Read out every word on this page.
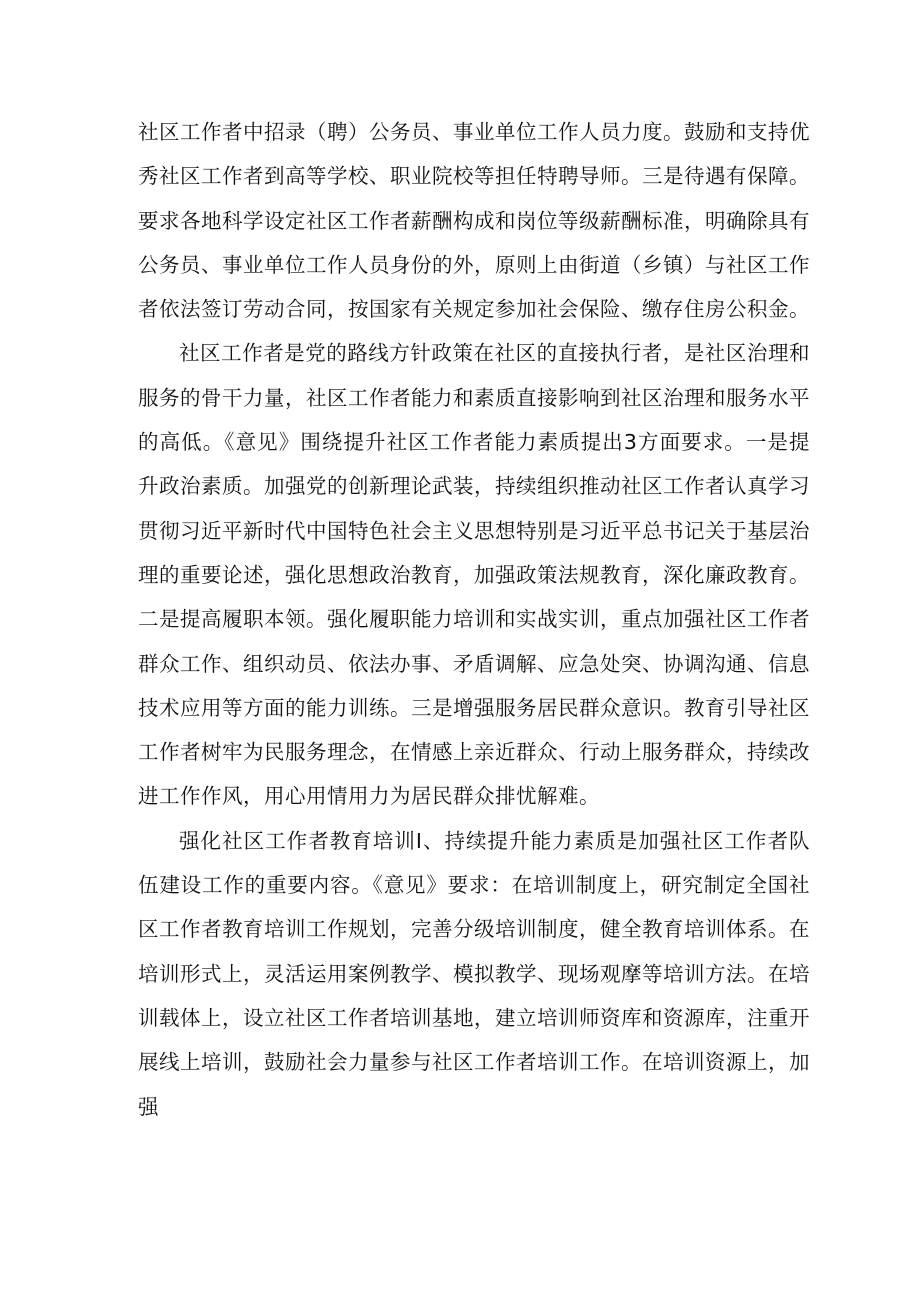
社区工作者中招录（聘）公务员、事业单位工作人员力度。鼓励和支持优秀社区工作者到高等学校、职业院校等担任特聘导师。三是待遇有保障。要求各地科学设定社区工作者薪酬构成和岗位等级薪酬标准，明确除具有公务员、事业单位工作人员身份的外，原则上由街道（乡镇）与社区工作者依法签订劳动合同，按国家有关规定参加社会保险、缴存住房公积金。

社区工作者是党的路线方针政策在社区的直接执行者，是社区治理和服务的骨干力量，社区工作者能力和素质直接影响到社区治理和服务水平的高低。《意见》围绕提升社区工作者能力素质提出3方面要求。一是提升政治素质。加强党的创新理论武装，持续组织推动社区工作者认真学习贯彻习近平新时代中国特色社会主义思想特别是习近平总书记关于基层治理的重要论述，强化思想政治教育，加强政策法规教育，深化廉政教育。二是提高履职本领。强化履职能力培训和实战实训，重点加强社区工作者群众工作、组织动员、依法办事、矛盾调解、应急处突、协调沟通、信息技术应用等方面的能力训练。三是增强服务居民群众意识。教育引导社区工作者树牢为民服务理念，在情感上亲近群众、行动上服务群众，持续改进工作作风，用心用情用力为居民群众排忧解难。

强化社区工作者教育培训I、持续提升能力素质是加强社区工作者队伍建设工作的重要内容。《意见》要求：在培训制度上，研究制定全国社区工作者教育培训工作规划，完善分级培训制度，健全教育培训体系。在培训形式上，灵活运用案例教学、模拟教学、现场观摩等培训方法。在培训载体上，设立社区工作者培训基地，建立培训师资库和资源库，注重开展线上培训，鼓励社会力量参与社区工作者培训工作。在培训资源上，加强
